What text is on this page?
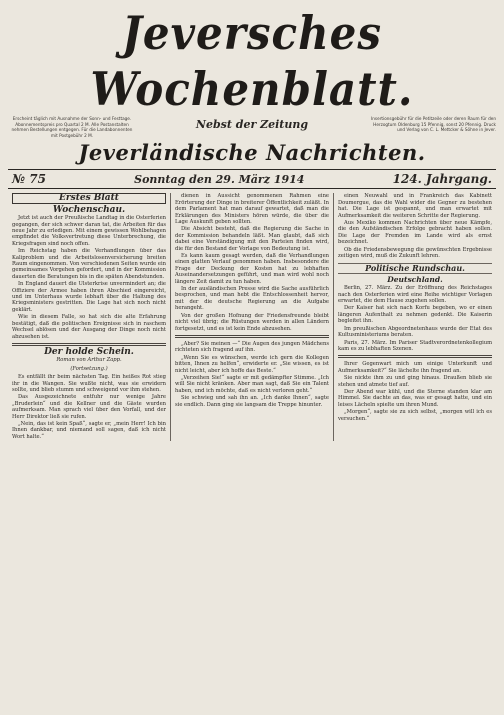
Jeversches Wochenblatt.
Erscheint täglich mit Ausnahme der Sonn- und Festtage. Abonnementspreis pro Quartal 2 M. Alle Postanstalten nehmen Bestellungen entgegen. Für die Landabonnenten mit Postgebühr 2 M.
Nebst der Zeitung	Insertionsgebühr für die Petitzeile oder deren Raum für den Herzogtum Oldenburg 15 Pfennig, sonst 20 Pfennig. Druck und Verlag von C. L. Mettcker & Söhne in Jever.
Jeverländische Nachrichten.
№ 75	Sonntag den 29. März 1914	124. Jahrgang.
Erstes Blatt
Wochenschau.

Jetzt ist auch der Preußische Landtag in die Osterferien gegangen, der sich schwer daran tat, die Arbeiten für das neue Jahr zu erledigen. Mit einem gewissen Wohlbehagen empfindet die Volksvertretung diese Unterbrechung, die Kriegsfragen sind noch offen.

Im Reichstag haben die Verhandlungen über das Kaliproblem und die Arbeitslosenversicherung breiten Raum eingenommen. Von verschiedenen Seiten wurde ein gemeinsames Vorgehen gefordert, und in der Kommission dauerten die Beratungen bis in die späten Abendstunden.

In England dauert die Ulsterkrise unvermindert an; die Offiziere der Armee haben ihren Abschied eingereicht, und im Unterhaus wurde lebhaft über die Haltung des Kriegsministers gestritten. Die Lage hat sich noch nicht geklärt.

Wie in diesem Falle, so hat sich die alte Erfahrung bestätigt, daß die politischen Ereignisse sich in raschem Wechsel ablösen und der Ausgang der Dinge noch nicht abzusehen ist.

Der holde Schein.
Roman von Arthur Zapp.
(Fortsetzung.)

Es entfällt ihr beim nächsten Tag. Ein heißes Rot stieg ihr in die Wangen. Sie wußte nicht, was sie erwidern sollte, und blieb stumm und schweigend vor ihm stehen.

Das Ausgezeichnete entfuhr nur wenige Jahre „Bruderlein“ und die Kellner und die Gäste wurden aufmerksam. Man sprach viel über den Vorfall, und der Herr Direktor ließ sie rufen.

„Nein, das ist kein Spaß“, sagte er, „mein Herr! Ich bin Ihnen dankbar, und niemand soll sagen, daß ich nicht Wort halte.“

dienen in Aussicht genommenen Rahmen eine Erörterung der Dinge in breiterer Öffentlichkeit zuläßt. In dem Parlament hat man darauf gewartet, daß man die Erklärungen des Ministers hören würde, die über die Lage Auskunft geben sollten.

Die Absicht besteht, daß die Regierung die Sache in der Kommission behandeln läßt. Man glaubt, daß sich dabei eine Verständigung mit den Parteien finden wird, die für den Bestand der Vorlage von Bedeutung ist.

Es kann kaum gesagt werden, daß die Verhandlungen einen glatten Verlauf genommen haben. Insbesondere die Frage der Deckung der Kosten hat zu lebhaften Auseinandersetzungen geführt, und man wird wohl noch längere Zeit damit zu tun haben.

In der ausländischen Presse wird die Sache ausführlich besprochen, und man hebt die Entschlossenheit hervor, mit der die deutsche Regierung an die Aufgabe herangeht.

Von der großen Hofnung der Friedensfreunde bleibt nicht viel übrig; die Rüstungen werden in allen Ländern fortgesetzt, und es ist kein Ende abzusehen.

„Aber? Sie meinen —“ Die Augen des jungen Mädchens richteten sich fragend auf ihn.

„Wenn Sie es wünschen, werde ich gern die Kollegen bitten, Ihnen zu helfen“, erwiderte er. „Sie wissen, es ist nicht leicht, aber ich hoffe das Beste.“

„Verzeihen Sie!“ sagte er mit gedämpfter Stimme. „Ich will Sie nicht kränken. Aber man sagt, daß Sie ein Talent haben, und ich möchte, daß es nicht verloren geht.“

Sie schwieg und sah ihn an. „Ich danke Ihnen“, sagte sie endlich. Dann ging sie langsam die Treppe hinunter.

einen Neuwahl und in Frankreich das Kabinett Doumergue, das die Wahl wider die Gegner zu bestehen hat. Die Lage ist gespannt, und man erwartet mit Aufmerksamkeit die weiteren Schritte der Regierung.

Aus Mexiko kommen Nachrichten über neue Kämpfe, die den Aufständischen Erfolge gebracht haben sollen. Die Lage der Fremden im Lande wird als ernst bezeichnet.

Ob die Friedensbewegung die gewünschten Ergebnisse zeitigen wird, muß die Zukunft lehren.

Politische Rundschau.
Deutschland.

Berlin, 27. März. Zu der Eröffnung des Reichstages nach den Osterferien wird eine Reihe wichtiger Vorlagen erwartet, die dem Hause zugehen sollen.

Der Kaiser hat sich nach Korfu begeben, wo er einen längeren Aufenthalt zu nehmen gedenkt. Die Kaiserin begleitet ihn.

Im preußischen Abgeordnetenhaus wurde der Etat des Kultusministeriums beraten.

Paris, 27. März. Im Pariser Stadtverordnetenkollegium kam es zu lebhaften Szenen.

Ihrer Gegenwart mich um einige Unterkunft und Aufmerksamkeit?“ Sie lächelte ihn fragend an.

Sie nickte ihm zu und ging hinaus. Draußen blieb sie stehen und atmete tief auf.

Der Abend war kühl, und die Sterne standen klar am Himmel. Sie dachte an das, was er gesagt hatte, und ein leises Lächeln spielte um ihren Mund.

„Morgen“, sagte sie zu sich selbst, „morgen will ich es versuchen.“
